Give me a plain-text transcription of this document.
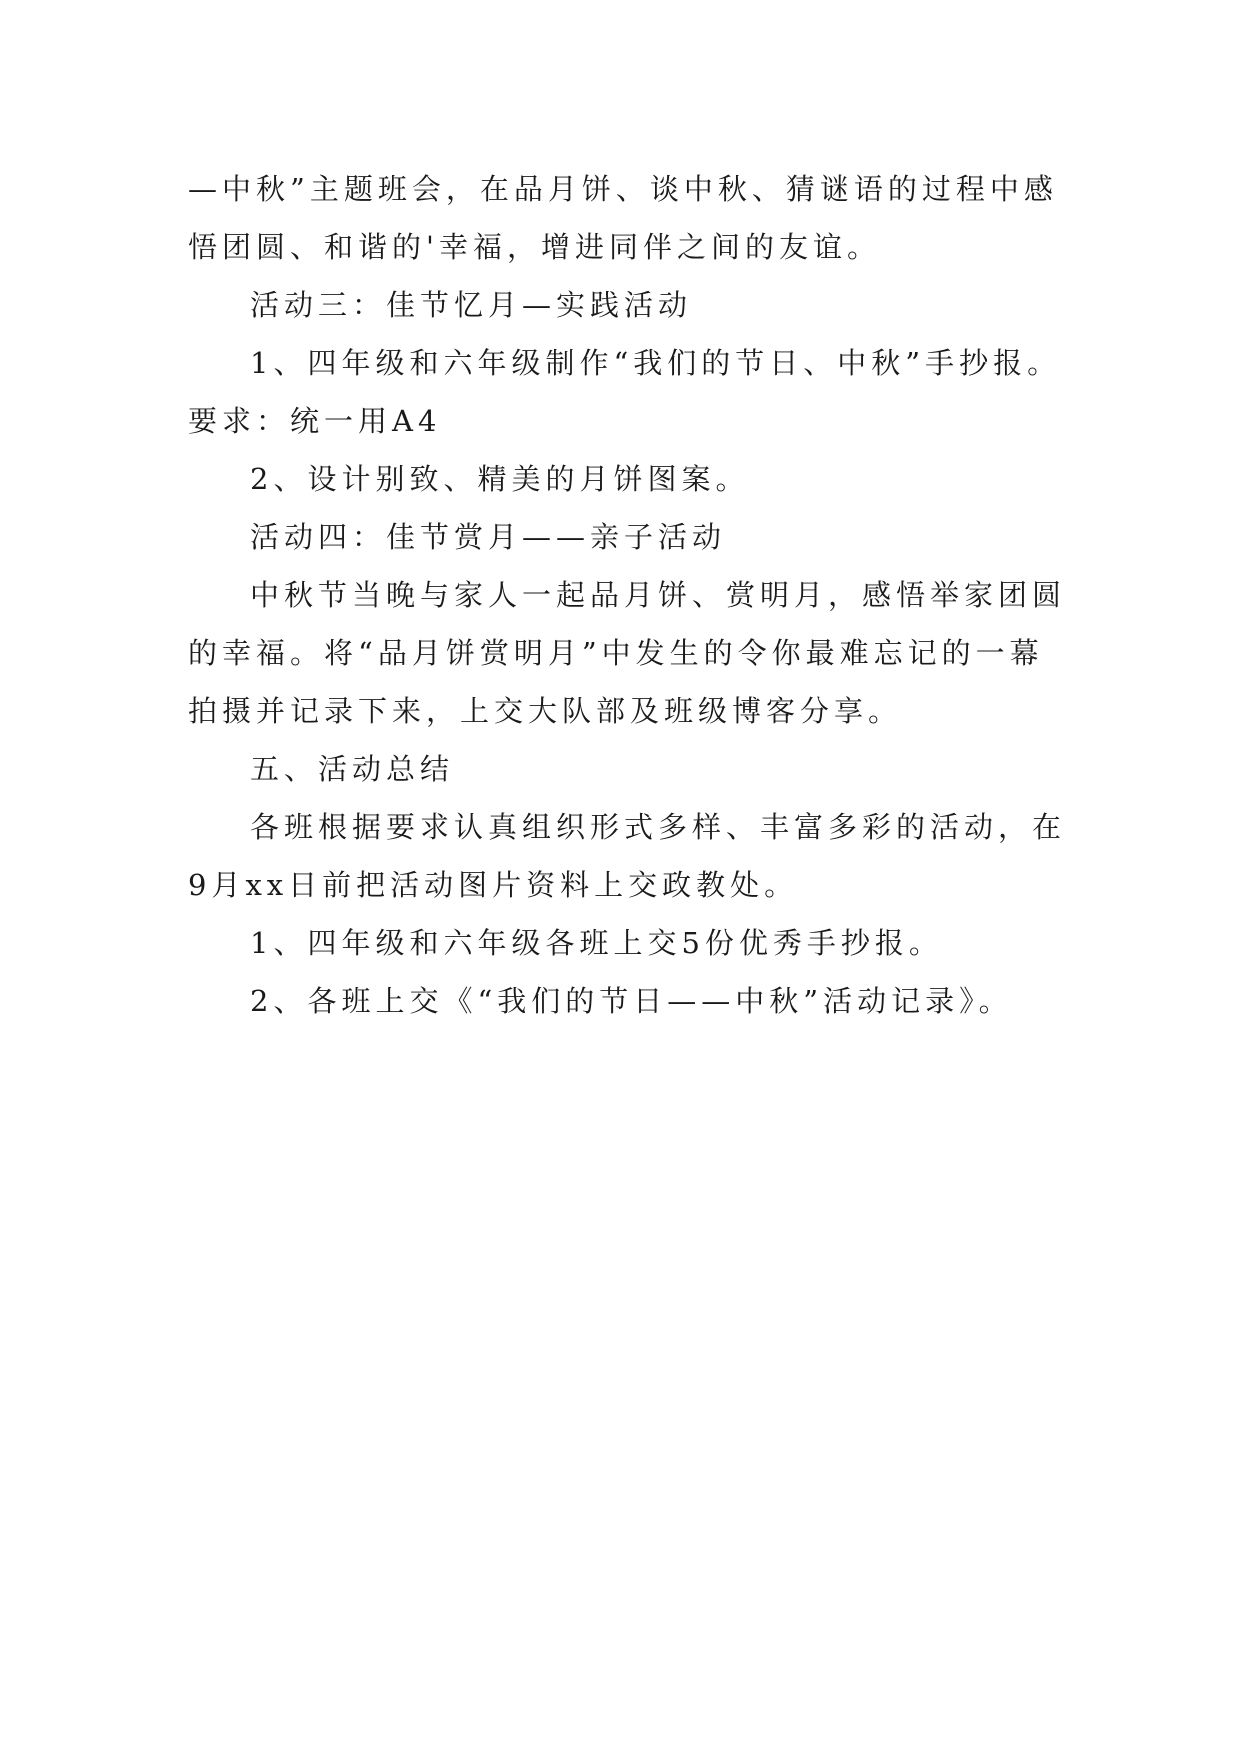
—中秋”主题班会，在品月饼、谈中秋、猜谜语的过程中感悟团圆、和谐的'幸福，增进同伴之间的友谊。

活动三：佳节忆月—实践活动

1、四年级和六年级制作“我们的节日、中秋”手抄报。要求：统一用A4

2、设计别致、精美的月饼图案。

活动四：佳节赏月——亲子活动

中秋节当晚与家人一起品月饼、赏明月，感悟举家团圆的幸福。将“品月饼赏明月”中发生的令你最难忘记的一幕拍摄并记录下来，上交大队部及班级博客分享。

五、活动总结

各班根据要求认真组织形式多样、丰富多彩的活动，在9月xx日前把活动图片资料上交政教处。

1、四年级和六年级各班上交5份优秀手抄报。

2、各班上交《“我们的节日——中秋”活动记录》。
